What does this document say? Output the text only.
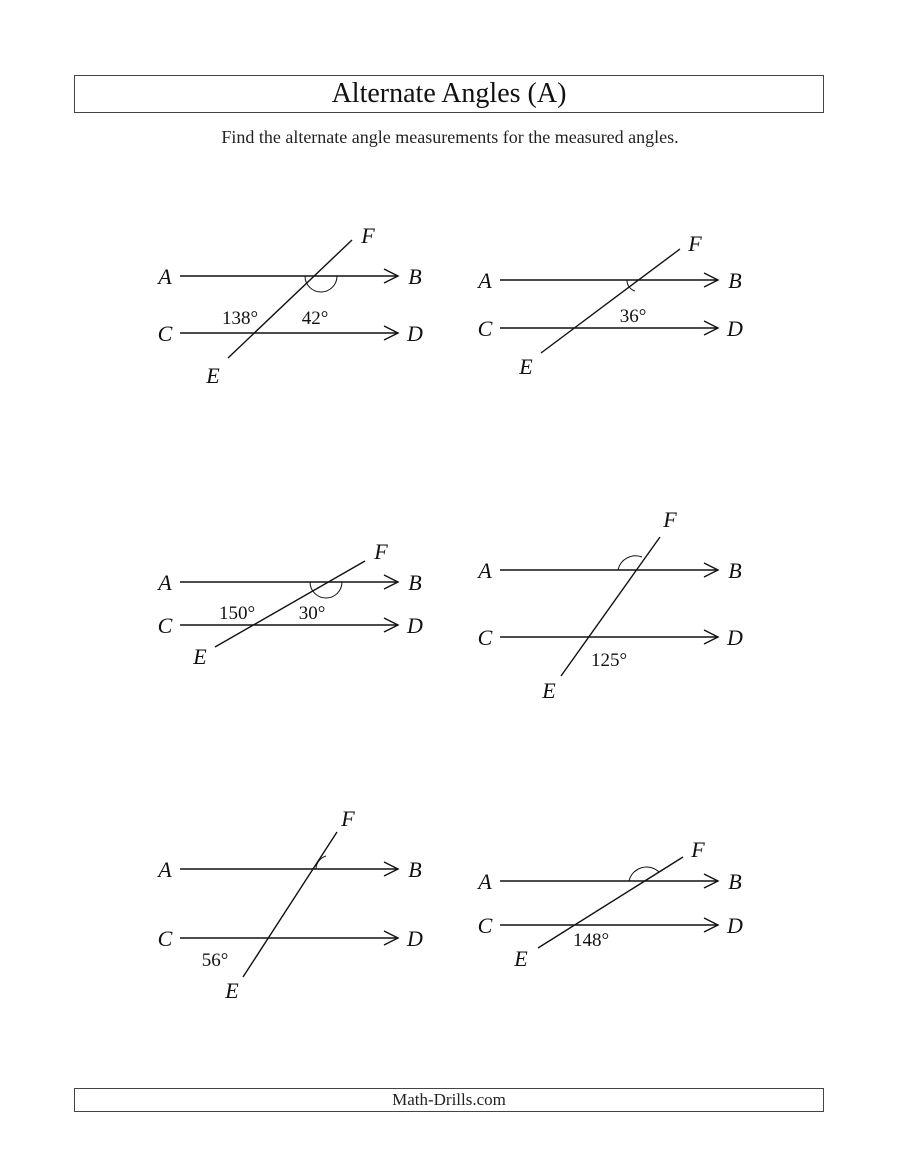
Alternate Angles (A)
Find the alternate angle measurements for the measured angles.
A	B
C	D
E
F
138° 42°
A	B
C	D
E
F
36°
A	B
C	D
E
F
150° 30°
A	B
C	D
E
F
125°
A	B
C	D
E
F
56°
A	B
C	D
E
F
148°
Math-Drills.com
